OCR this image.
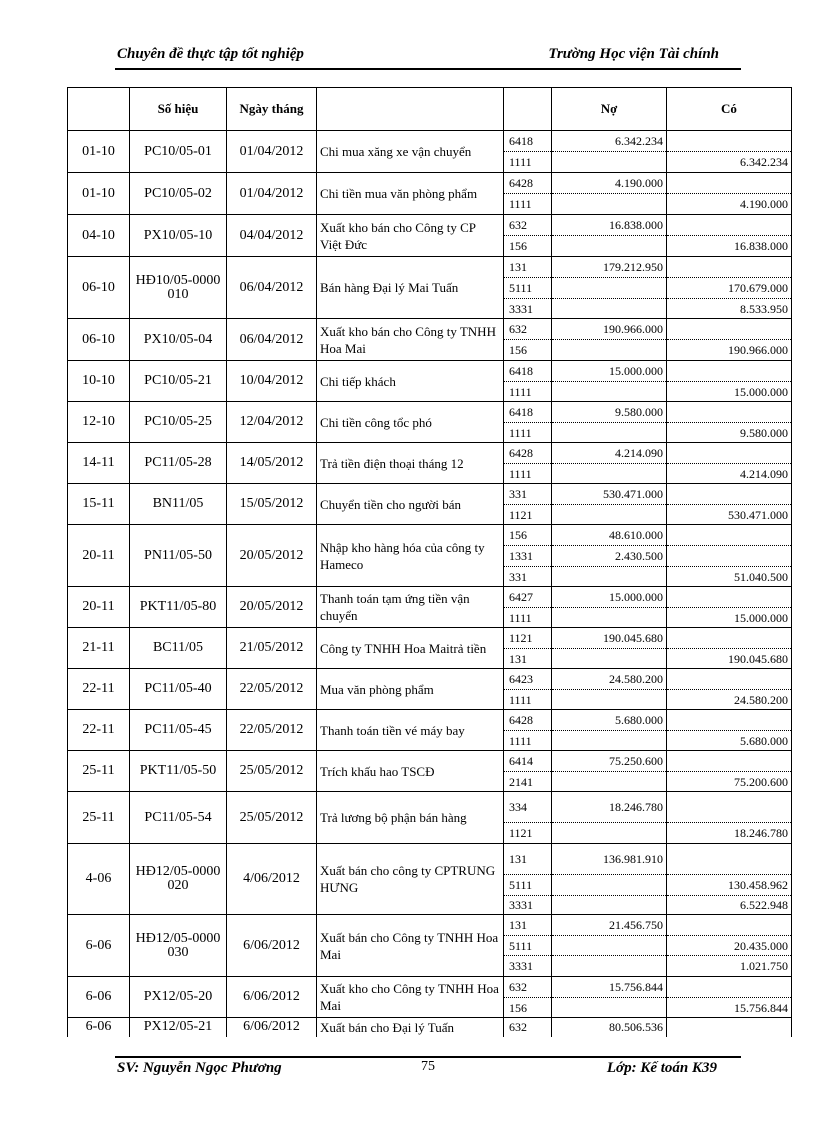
Chuyên đề thực tập tốt nghiệp	Trường Học viện Tài chính
	Số hiệu	Ngày tháng			Nợ	Có
01-10	PC10/05-01	01/04/2012	Chi mua xăng xe vận chuyển	6418	6.342.234	
				1111		6.342.234
01-10	PC10/05-02	01/04/2012	Chi tiền mua văn phòng phẩm	6428	4.190.000	
				1111		4.190.000
04-10	PX10/05-10	04/04/2012	Xuất kho bán cho Công ty CP Việt Đức	632	16.838.000	
				156		16.838.000
06-10	HĐ10/05-0000010	06/04/2012	Bán hàng Đại lý Mai Tuấn	131	179.212.950	
				5111		170.679.000
				3331		8.533.950
06-10	PX10/05-04	06/04/2012	Xuất kho bán cho Công ty TNHH Hoa Mai	632	190.966.000	
				156		190.966.000
10-10	PC10/05-21	10/04/2012	Chi tiếp khách	6418	15.000.000	
				1111		15.000.000
12-10	PC10/05-25	12/04/2012	Chi tiền công tổc phó	6418	9.580.000	
				1111		9.580.000
14-11	PC11/05-28	14/05/2012	Trả tiền điện thoại tháng 12	6428	4.214.090	
				1111		4.214.090
15-11	BN11/05	15/05/2012	Chuyển tiền cho người bán	331	530.471.000	
				1121		530.471.000
20-11	PN11/05-50	20/05/2012	Nhập kho hàng hóa của công ty Hameco	156	48.610.000	
				1331	2.430.500	
				331		51.040.500
20-11	PKT11/05-80	20/05/2012	Thanh toán tạm ứng tiền vận chuyển	6427	15.000.000	
				1111		15.000.000
21-11	BC11/05	21/05/2012	Công ty TNHH Hoa Maitrả tiền	1121	190.045.680	
				131		190.045.680
22-11	PC11/05-40	22/05/2012	Mua văn phòng phẩm	6423	24.580.200	
				1111		24.580.200
22-11	PC11/05-45	22/05/2012	Thanh toán tiền vé máy bay	6428	5.680.000	
				1111		5.680.000
25-11	PKT11/05-50	25/05/2012	Trích khấu hao TSCĐ	6414	75.250.600	
				2141		75.200.600
25-11	PC11/05-54	25/05/2012	Trả lương bộ phận bán hàng	334	18.246.780	
				1121		18.246.780
4-06	HĐ12/05-0000020	4/06/2012	Xuất bán cho công ty CPTRUNG HƯNG	131	136.981.910	
				5111		130.458.962
				3331		6.522.948
6-06	HĐ12/05-0000030	6/06/2012	Xuất bán cho Công ty TNHH Hoa Mai	131	21.456.750	
				5111		20.435.000
				3331		1.021.750
6-06	PX12/05-20	6/06/2012	Xuất kho cho Công ty TNHH Hoa Mai	632	15.756.844	
				156		15.756.844
6-06	PX12/05-21	6/06/2012	Xuất bán cho Đại lý Tuấn	632	80.506.536	
SV: Nguyễn Ngọc Phương	75	Lớp: Kế toán K39
